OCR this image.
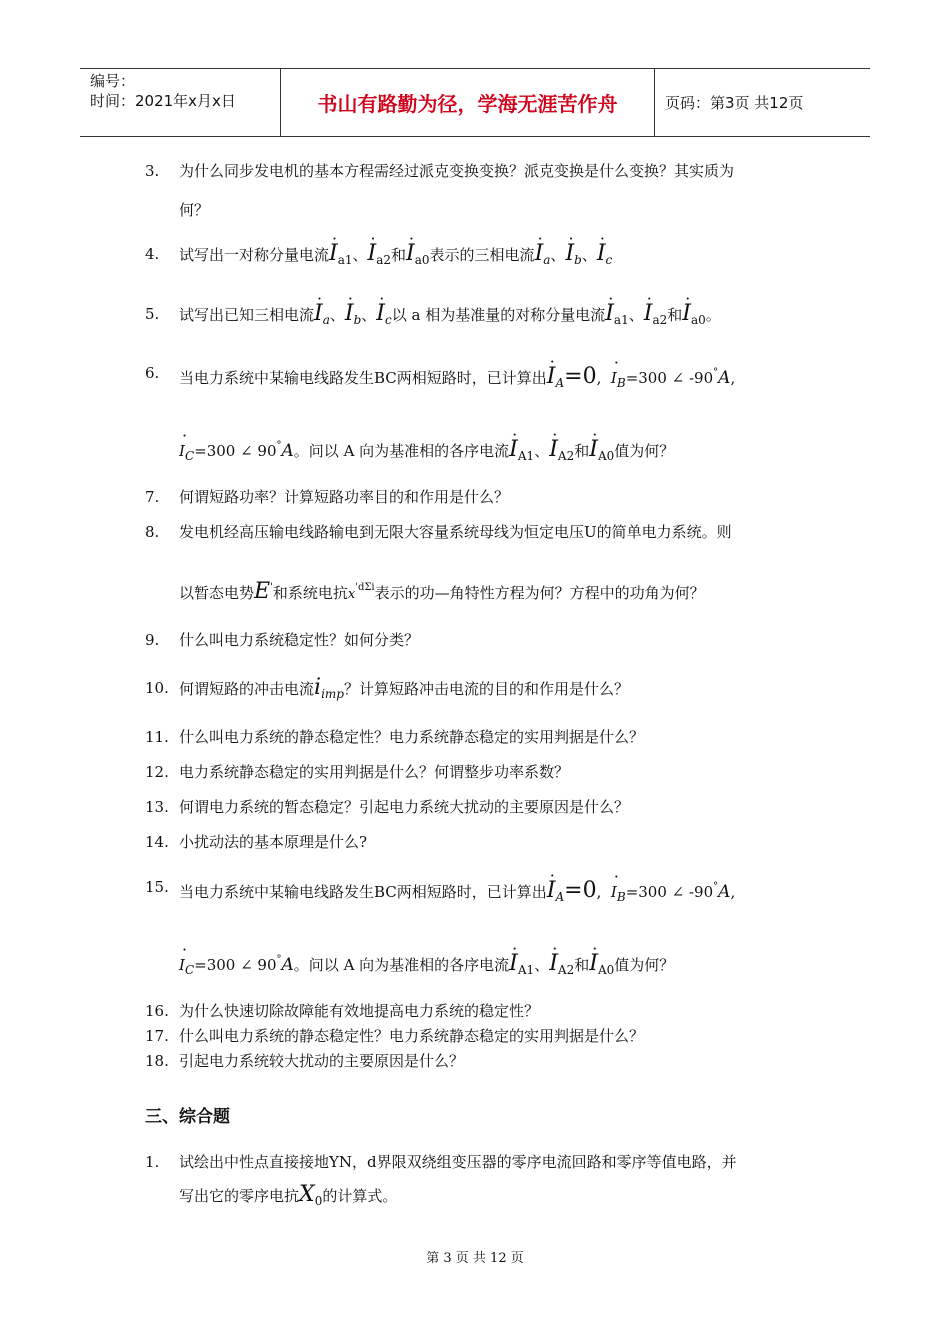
编号：
时间：2021年x月x日	书山有路勤为径，学海无涯苦作舟	页码：第3页 共12页
3. 为什么同步发电机的基本方程需经过派克变换变换？派克变换是什么变换？其实质为
何？
4. 试写出一对称分量电流˙ $I_{a1}$、˙ $I_{a2}$和˙ $I_{a0}$表示的三相电流˙ $I_a$、˙ $I_b$、˙ $I_c$
5. 试写出已知三相电流˙ $I_a$、˙ $I_b$、˙ $I_c$以 a 相为基准量的对称分量电流˙ $I_{a1}$、˙ $I_{a2}$和˙ $I_{a0}$。
6. 当电力系统中某输电线路发生BC两相短路时，已计算出˙ $I_A=0$, ˙ $I_B=300$ ∠ -90°A,
˙ $I_C=300$ ∠ 90°A。问以 A 向为基准相的各序电流˙ $I_{A1}$、˙ $I_{A2}$和˙ $I_{A0}$值为何？
7. 何谓短路功率？计算短路功率目的和作用是什么？
8. 发电机经高压输电线路输电到无限大容量系统母线为恒定电压U的简单电力系统。则
以暂态电势E'和系统电抗$x^{'d\Sigma i}$表示的功—角特性方程为何？方程中的功角为何？
9. 什么叫电力系统稳定性？如何分类？
10. 何谓短路的冲击电流$i_{imp}$？计算短路冲击电流的目的和作用是什么？
11. 什么叫电力系统的静态稳定性？电力系统静态稳定的实用判据是什么？
12. 电力系统静态稳定的实用判据是什么？何谓整步功率系数？
13. 何谓电力系统的暂态稳定？引起电力系统大扰动的主要原因是什么？
14. 小扰动法的基本原理是什么?
15. 当电力系统中某输电线路发生BC两相短路时，已计算出˙ $I_A=0$, ˙ $I_B=300$ ∠ -90°A,
˙ $I_C=300$ ∠ 90°A。问以 A 向为基准相的各序电流˙ $I_{A1}$、˙ $I_{A2}$和˙ $I_{A0}$值为何？
16. 为什么快速切除故障能有效地提高电力系统的稳定性？
17. 什么叫电力系统的静态稳定性？电力系统静态稳定的实用判据是什么？
18. 引起电力系统较大扰动的主要原因是什么？
三、综合题
1. 试绘出中性点直接接地YN，d界限双绕组变压器的零序电流回路和零序等值电路，并
写出它的零序电抗$X_0$的计算式。
第 3 页 共 12 页
